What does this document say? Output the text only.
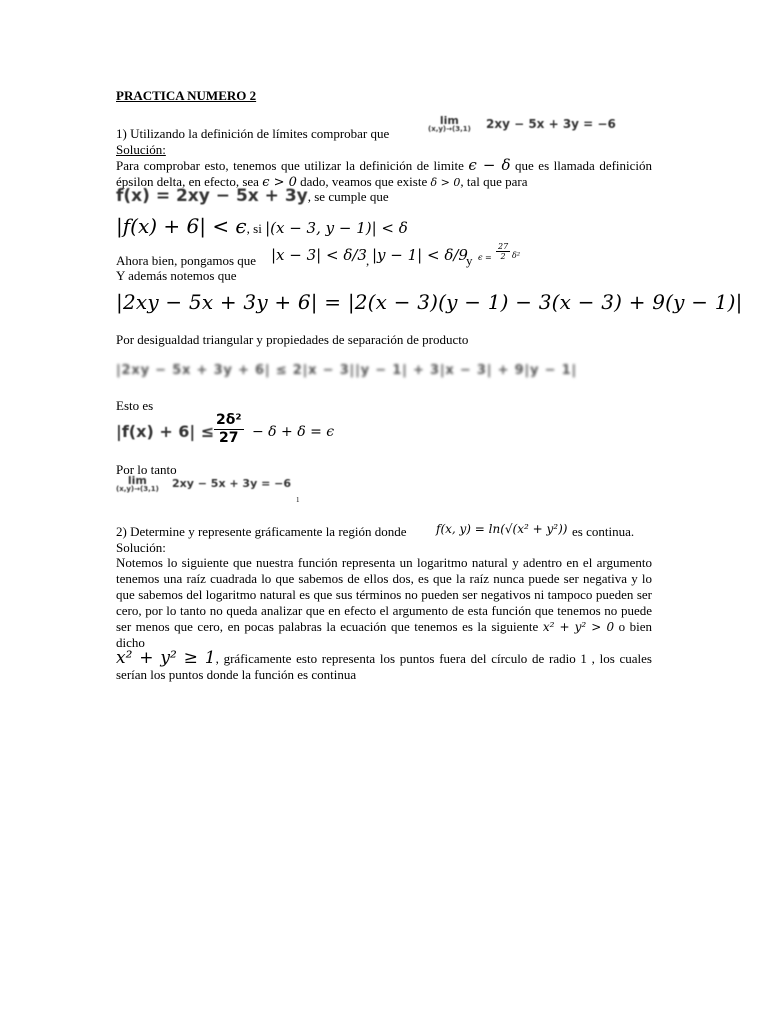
PRACTICA NUMERO 2
1) Utilizando la definición de límites comprobar que
lim
(x,y)→(3,1) 2xy − 5x + 3y = −6
Solución:
Para comprobar esto, tenemos que utilizar la definición de limite ϵ − δ que es llamada definición épsilon delta, en efecto, sea ϵ > 0 dado, veamos que existe δ > 0, tal que para
f(x) = 2xy − 5x + 3y, se cumple que
|f(x) + 6| < ϵ, si |(x − 3, y − 1)| < δ
Ahora bien, pongamos que |x − 3| < δ/3 , |y − 1| < δ/9
y $\epsilon = \frac{27}{2} \delta^2$
Y además notemos que
|2xy − 5x + 3y + 6| = |2(x − 3)(y − 1) − 3(x − 3) + 9(y − 1)|
Por desigualdad triangular y propiedades de separación de producto
|2xy − 5x + 3y + 6| ≤ 2|x − 3||y − 1| + 3|x − 3| + 9|y − 1|
Esto es
$|f(x) + 6| \le \frac{\text{2δ²}}{27} - \delta + \delta = \epsilon$
Por lo tanto
lim
(x,y)→(3,1) 2xy − 5x + 3y = −6
1
2) Determine y represente gráficamente la región donde f(x, y) = ln(√(x² + y²)) es continua.
Solución:
Notemos lo siguiente que nuestra función representa un logaritmo natural y adentro en el argumento tenemos una raíz cuadrada lo que sabemos de ellos dos, es que la raíz nunca puede ser negativa y lo que sabemos del logaritmo natural es que sus términos no pueden ser negativos ni tampoco pueden ser cero, por lo tanto no queda analizar que en efecto el argumento de esta función que tenemos no puede ser menos que cero, en pocas palabras la ecuación que tenemos es la siguiente x² + y² > 0 o bien dicho
x² + y² ≥ 1, gráficamente esto representa los puntos fuera del círculo de radio 1 , los cuales serían los puntos donde la función es continua
